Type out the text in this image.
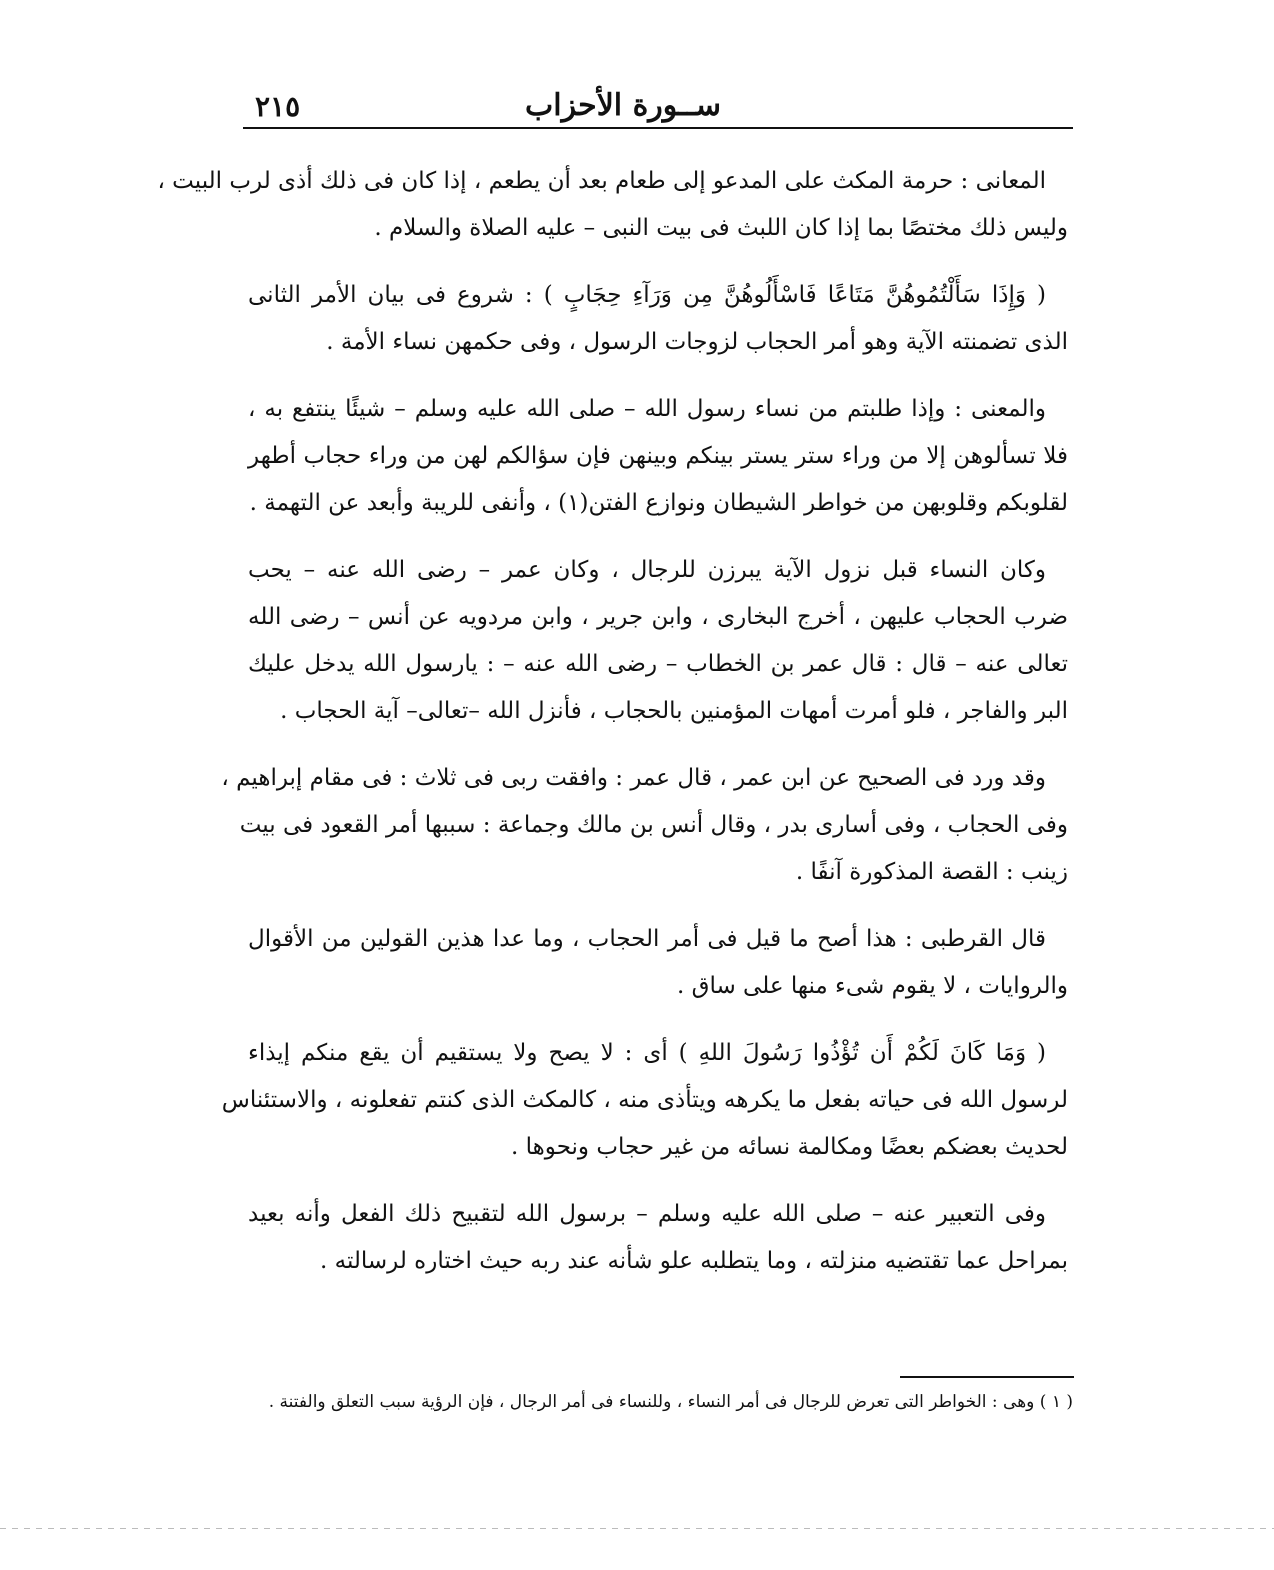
ســورة الأحزاب
٢١٥
المعانى : حرمة المكث على المدعو إلى طعام بعد أن يطعم ، إذا كان فى ذلك أذى لرب البيت ،
وليس ذلك مختصًا بما إذا كان اللبث فى بيت النبى – عليه الصلاة والسلام .
( وَإِذَا سَأَلْتُمُوهُنَّ مَتَاعًا فَاسْأَلُوهُنَّ مِن وَرَآءِ حِجَابٍ ) : شروع فى بيان الأمر الثانى
الذى تضمنته الآية وهو أمر الحجاب لزوجات الرسول ، وفى حكمهن نساء الأمة .
والمعنى : وإذا طلبتم من نساء رسول الله – صلى الله عليه وسلم – شيئًا ينتفع به ،
فلا تسألوهن إلا من وراء ستر يستر بينكم وبينهن فإن سؤالكم لهن من وراء حجاب أطهر
لقلوبكم وقلوبهن من خواطر الشيطان ونوازع الفتن(١) ، وأنفى للريبة وأبعد عن التهمة .
وكان النساء قبل نزول الآية يبرزن للرجال ، وكان عمر – رضى الله عنه – يحب
ضرب الحجاب عليهن ، أخرج البخارى ، وابن جرير ، وابن مردويه عن أنس – رضى الله
تعالى عنه – قال : قال عمر بن الخطاب – رضى الله عنه – : يارسول الله يدخل عليك
البر والفاجر ، فلو أمرت أمهات المؤمنين بالحجاب ، فأنزل الله –تعالى– آية الحجاب .
وقد ورد فى الصحيح عن ابن عمر ، قال عمر : وافقت ربى فى ثلاث : فى مقام إبراهيم ،
وفى الحجاب ، وفى أسارى بدر ، وقال أنس بن مالك وجماعة : سببها أمر القعود فى بيت
زينب : القصة المذكورة آنفًا .
قال القرطبى : هذا أصح ما قيل فى أمر الحجاب ، وما عدا هذين القولين من الأقوال
والروايات ، لا يقوم شىء منها على ساق .
( وَمَا كَانَ لَكُمْ أَن تُؤْذُوا رَسُولَ اللهِ ) أى : لا يصح ولا يستقيم أن يقع منكم إيذاء
لرسول الله فى حياته بفعل ما يكرهه ويتأذى منه ، كالمكث الذى كنتم تفعلونه ، والاستئناس
لحديث بعضكم بعضًا ومكالمة نسائه من غير حجاب ونحوها .
وفى التعبير عنه – صلى الله عليه وسلم – برسول الله لتقبيح ذلك الفعل وأنه بعيد
بمراحل عما تقتضيه منزلته ، وما يتطلبه علو شأنه عند ربه حيث اختاره لرسالته .
( ١ ) وهى : الخواطر التى تعرض للرجال فى أمر النساء ، وللنساء فى أمر الرجال ، فإن الرؤية سبب التعلق والفتنة .
